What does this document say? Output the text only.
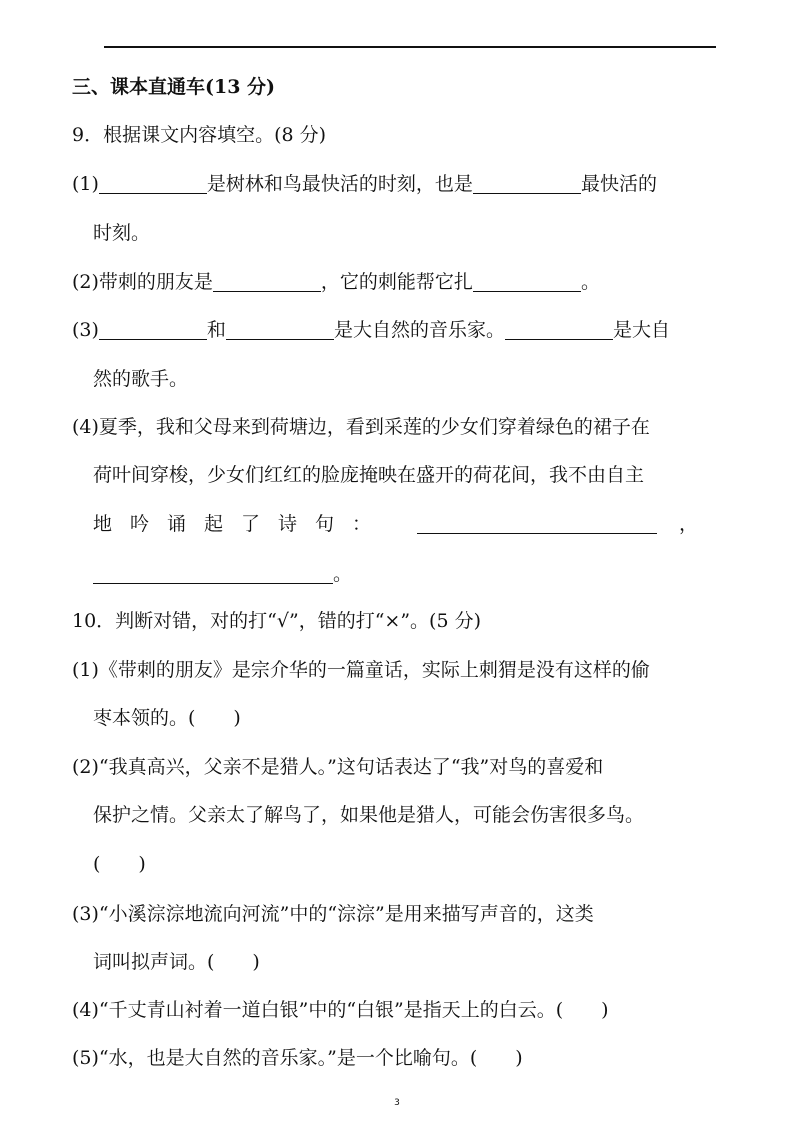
三、课本直通车(13 分)
9．根据课文内容填空。(8 分)
(1)	是树林和鸟最快活的时刻，也是	最快活的
时刻。
(2)带刺的朋友是	，它的刺能帮它扎	。
(3)	和	是大自然的音乐家。	是大自
然的歌手。
(4)夏季，我和父母来到荷塘边，看到采莲的少女们穿着绿色的裙子在
荷叶间穿梭，少女们红红的脸庞掩映在盛开的荷花间，我不由自主
地吟诵起了诗句：	，
。
10．判断对错，对的打“√”，错的打“×”。(5 分)
(1)《带刺的朋友》是宗介华的一篇童话，实际上刺猬是没有这样的偷
枣本领的。(　　)
(2)“我真高兴，父亲不是猎人。”这句话表达了“我”对鸟的喜爱和
保护之情。父亲太了解鸟了，如果他是猎人，可能会伤害很多鸟。
(　　)
(3)“小溪淙淙地流向河流”中的“淙淙”是用来描写声音的，这类
词叫拟声词。(　　)
(4)“千丈青山衬着一道白银”中的“白银”是指天上的白云。(　　)
(5)“水，也是大自然的音乐家。”是一个比喻句。(　　)
3
